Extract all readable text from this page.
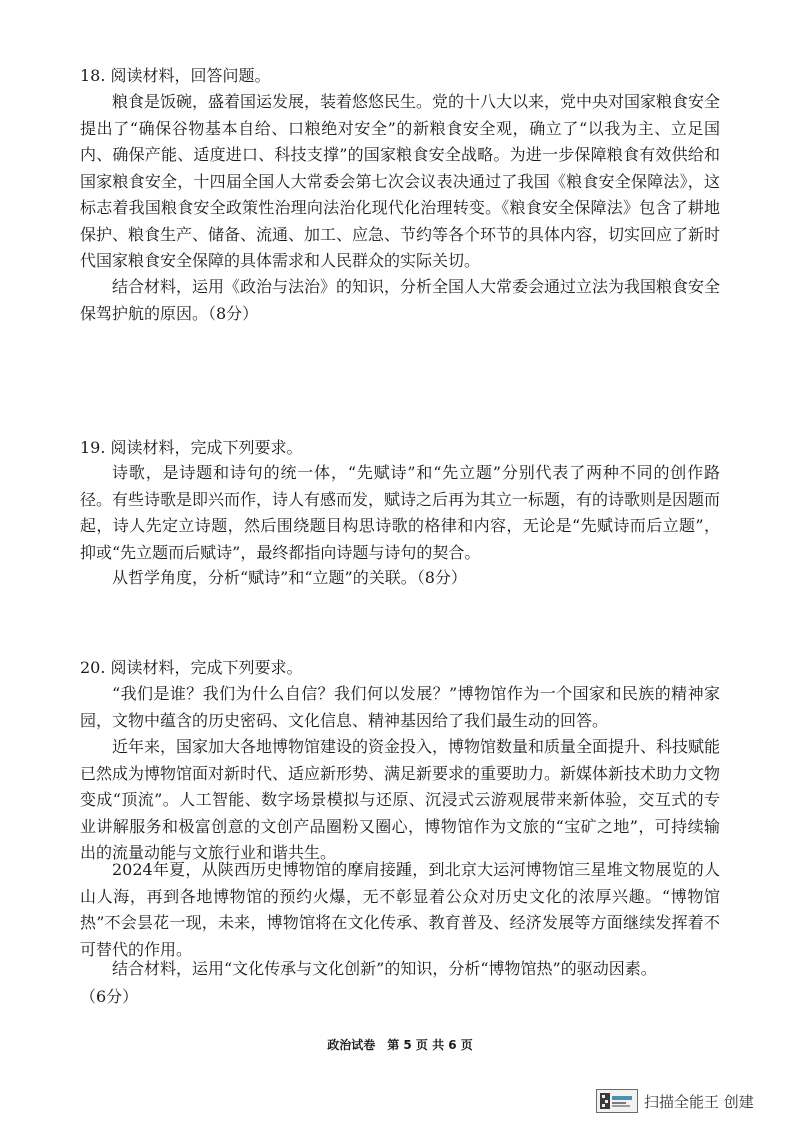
18. 阅读材料，回答问题。

粮食是饭碗，盛着国运发展，装着悠悠民生。党的十八大以来，党中央对国家粮食安全提出了“确保谷物基本自给、口粮绝对安全”的新粮食安全观，确立了“以我为主、立足国内、确保产能、适度进口、科技支撑”的国家粮食安全战略。为进一步保障粮食有效供给和国家粮食安全，十四届全国人大常委会第七次会议表决通过了我国《粮食安全保障法》，这标志着我国粮食安全政策性治理向法治化现代化治理转变。《粮食安全保障法》包含了耕地保护、粮食生产、储备、流通、加工、应急、节约等各个环节的具体内容，切实回应了新时代国家粮食安全保障的具体需求和人民群众的实际关切。

结合材料，运用《政治与法治》的知识，分析全国人大常委会通过立法为我国粮食安全保驾护航的原因。（8分）

19. 阅读材料，完成下列要求。

诗歌，是诗题和诗句的统一体，“先赋诗”和“先立题”分别代表了两种不同的创作路径。有些诗歌是即兴而作，诗人有感而发，赋诗之后再为其立一标题，有的诗歌则是因题而起，诗人先定立诗题，然后围绕题目构思诗歌的格律和内容，无论是“先赋诗而后立题”，抑或“先立题而后赋诗”，最终都指向诗题与诗句的契合。

从哲学角度，分析“赋诗”和“立题”的关联。（8分）

20. 阅读材料，完成下列要求。

“我们是谁？我们为什么自信？我们何以发展？”博物馆作为一个国家和民族的精神家园，文物中蕴含的历史密码、文化信息、精神基因给了我们最生动的回答。

近年来，国家加大各地博物馆建设的资金投入，博物馆数量和质量全面提升、科技赋能已然成为博物馆面对新时代、适应新形势、满足新要求的重要助力。新媒体新技术助力文物变成“顶流”。人工智能、数字场景模拟与还原、沉浸式云游观展带来新体验，交互式的专业讲解服务和极富创意的文创产品圈粉又圈心，博物馆作为文旅的“宝矿之地”，可持续输出的流量动能与文旅行业和谐共生。

2024年夏，从陕西历史博物馆的摩肩接踵，到北京大运河博物馆三星堆文物展览的人山人海，再到各地博物馆的预约火爆，无不彰显着公众对历史文化的浓厚兴趣。“博物馆热”不会昙花一现，未来，博物馆将在文化传承、教育普及、经济发展等方面继续发挥着不可替代的作用。

结合材料，运用“文化传承与文化创新”的知识，分析“博物馆热”的驱动因素。

（6分）

政治试卷　第 5 页 共 6 页
扫描全能王 创建
